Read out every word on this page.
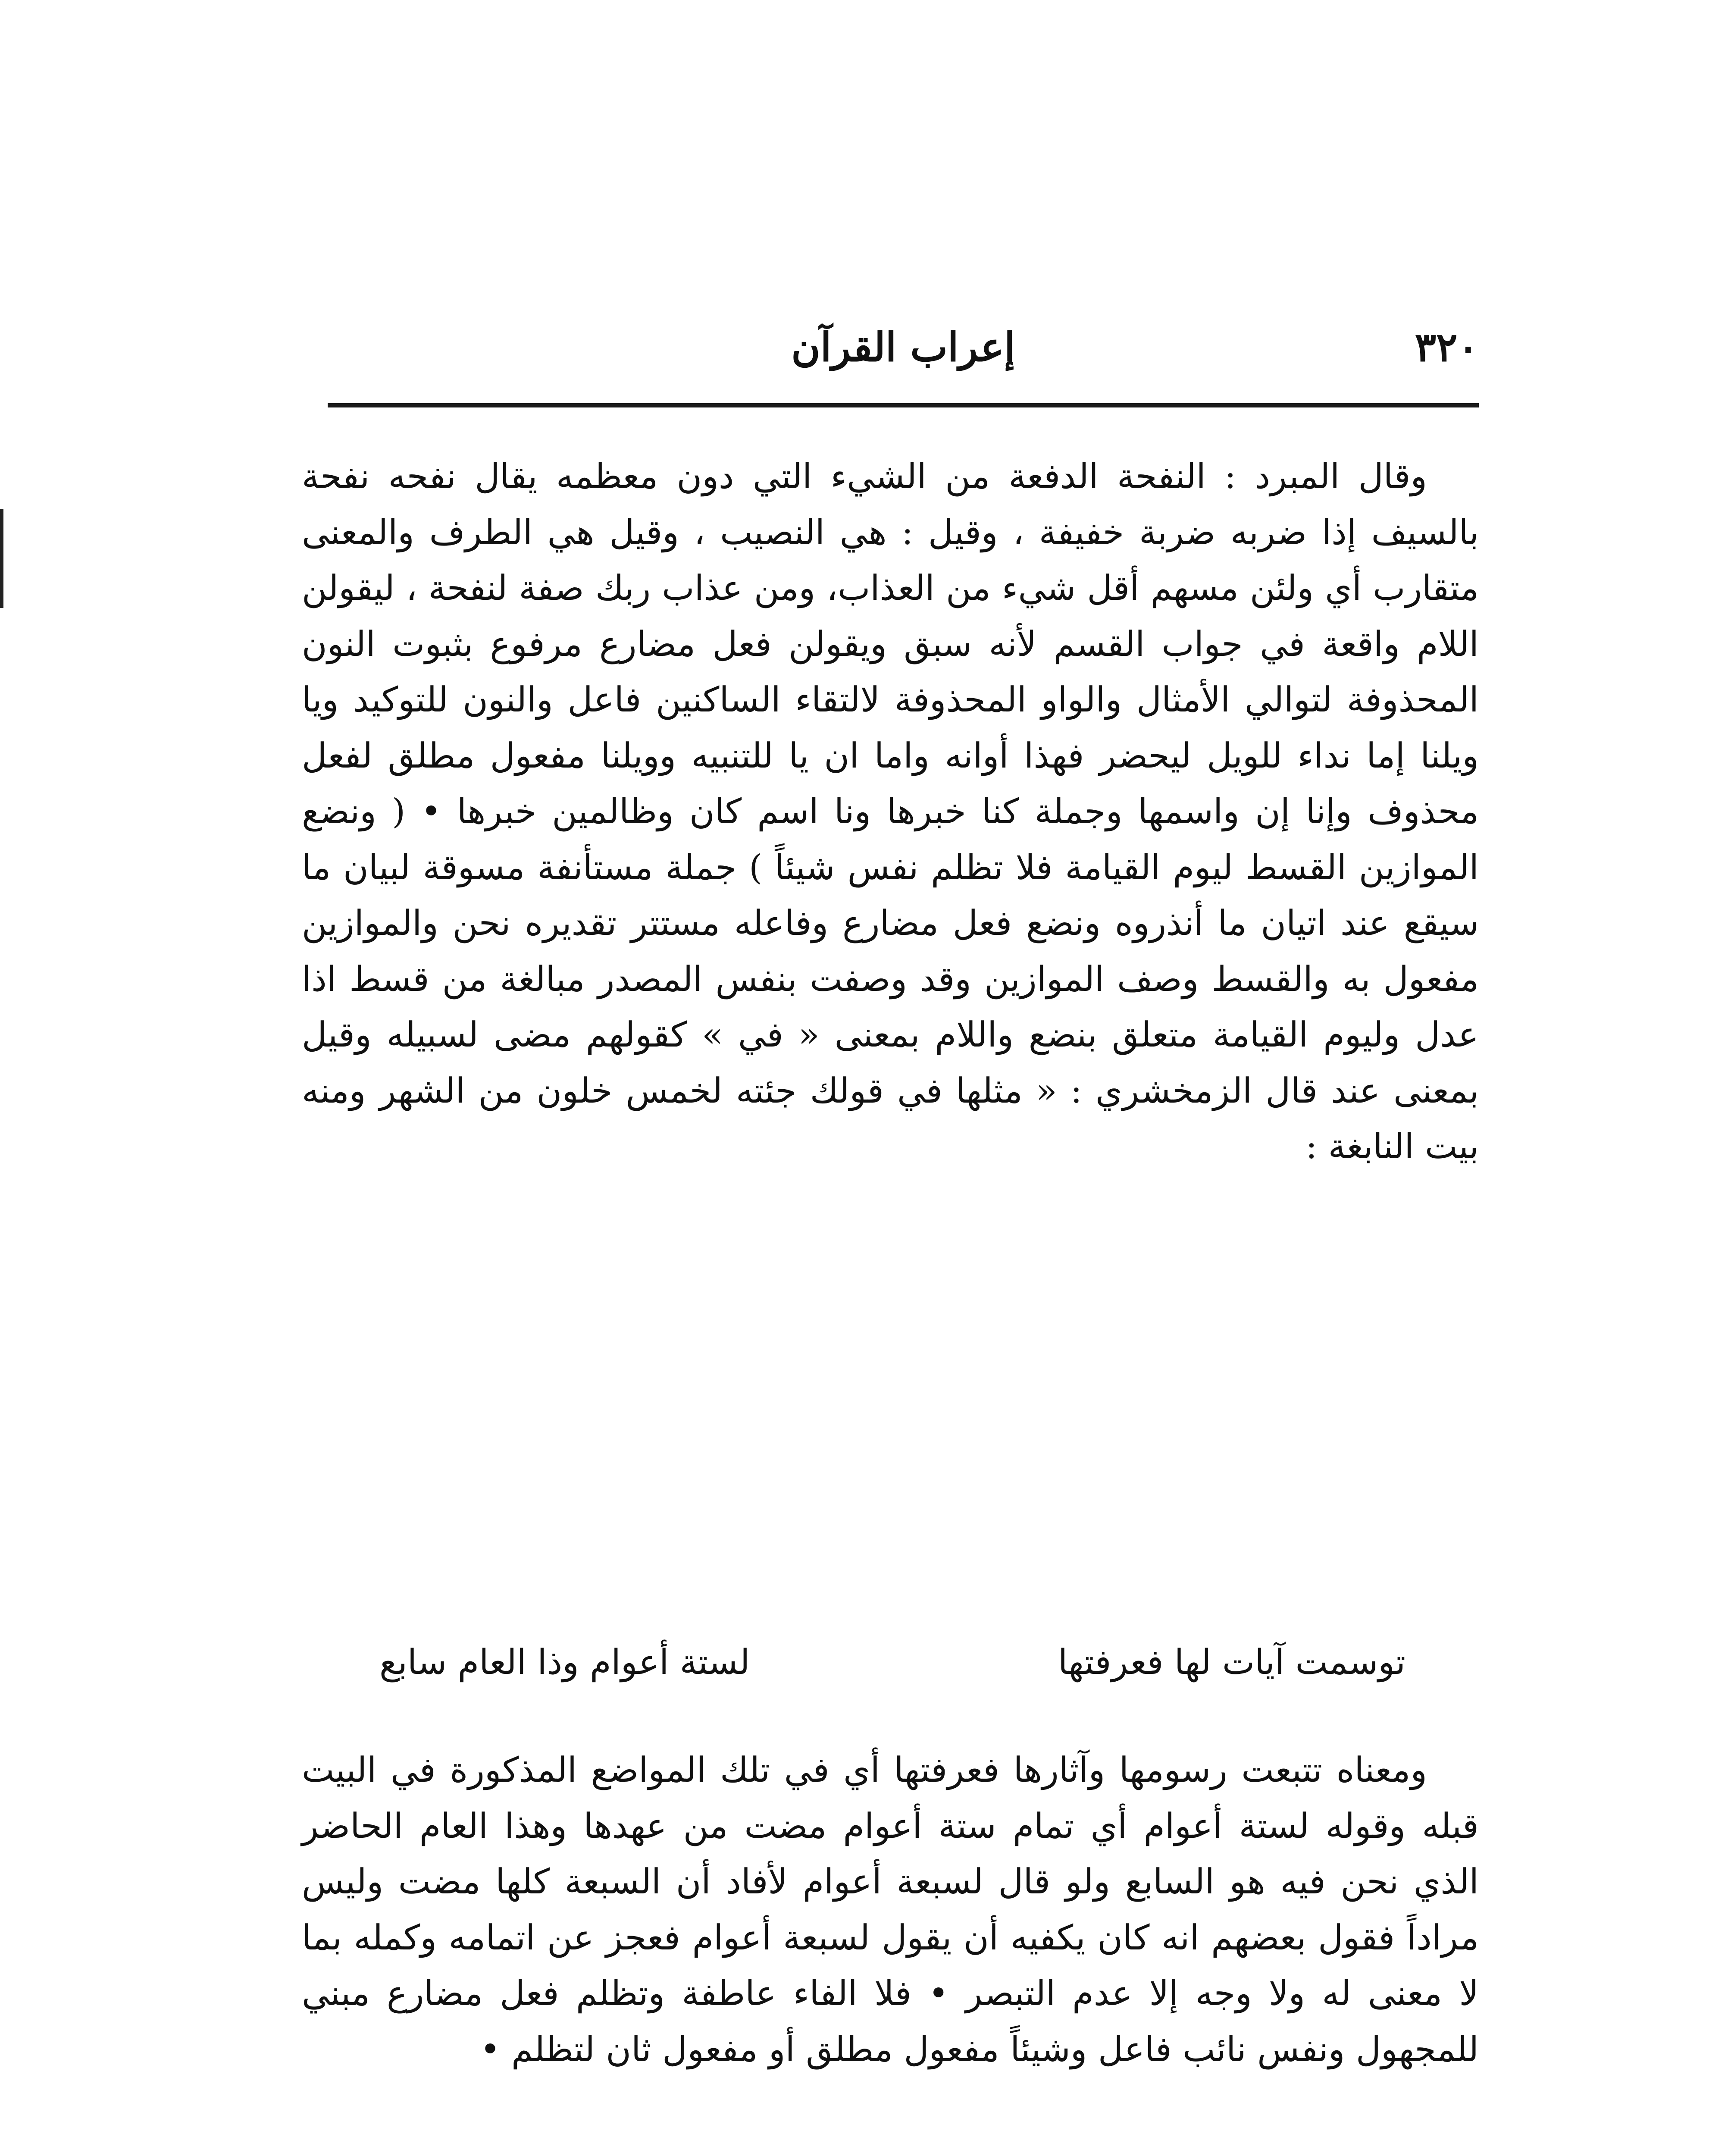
٣٢٠
إعراب القرآن

وقال المبرد : النفحة الدفعة من الشيء التي دون معظمه يقال نفحه نفحة بالسيف إذا ضربه ضربة خفيفة ، وقيل : هي النصيب ، وقيل هي الطرف والمعنى متقارب أي ولئن مسهم أقل شيء من العذاب، ومن عذاب ربك صفة لنفحة ، ليقولن اللام واقعة في جواب القسم لأنه سبق ويقولن فعل مضارع مرفوع بثبوت النون المحذوفة لتوالي الأمثال والواو المحذوفة لالتقاء الساكنين فاعل والنون للتوكيد ويا ويلنا إما نداء للويل ليحضر فهذا أوانه واما ان يا للتنبيه وويلنا مفعول مطلق لفعل محذوف وإنا إن واسمها وجملة كنا خبرها ونا اسم كان وظالمين خبرها • ( ونضع الموازين القسط ليوم القيامة فلا تظلم نفس شيئاً ) جملة مستأنفة مسوقة لبيان ما سيقع عند اتيان ما أنذروه ونضع فعل مضارع وفاعله مستتر تقديره نحن والموازين مفعول به والقسط وصف الموازين وقد وصفت بنفس المصدر مبالغة من قسط اذا عدل وليوم القيامة متعلق بنضع واللام بمعنى « في » كقولهم مضى لسبيله وقيل بمعنى عند قال الزمخشري : « مثلها في قولك جئته لخمس خلون من الشهر ومنه بيت النابغة :

توسمت آيات لها فعرفتها
لستة أعوام وذا العام سابع

ومعناه تتبعت رسومها وآثارها فعرفتها أي في تلك المواضع المذكورة في البيت قبله وقوله لستة أعوام أي تمام ستة أعوام مضت من عهدها وهذا العام الحاضر الذي نحن فيه هو السابع ولو قال لسبعة أعوام لأفاد أن السبعة كلها مضت وليس مراداً فقول بعضهم انه كان يكفيه أن يقول لسبعة أعوام فعجز عن اتمامه وكمله بما لا معنى له ولا وجه إلا عدم التبصر • فلا الفاء عاطفة وتظلم فعل مضارع مبني للمجهول ونفس نائب فاعل وشيئاً مفعول مطلق أو مفعول ثان لتظلم •
